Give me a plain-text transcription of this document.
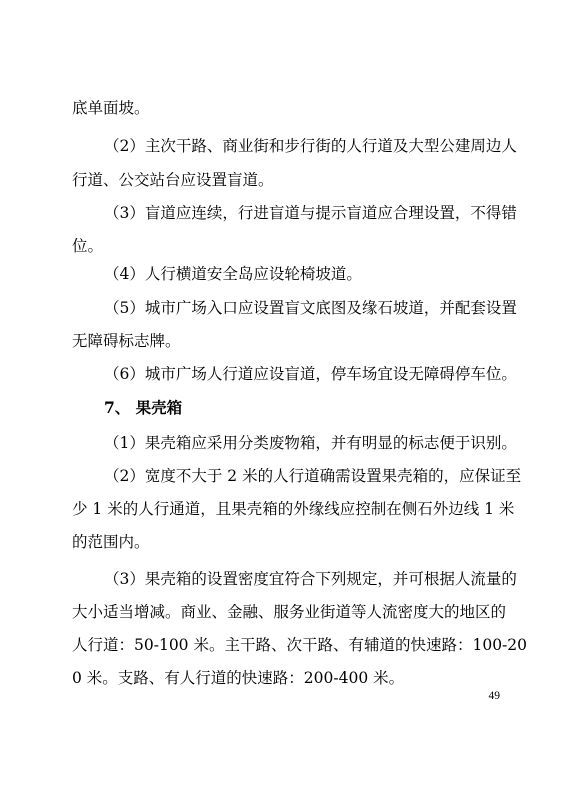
底单面坡。

（2）主次干路、商业街和步行街的人行道及大型公建周边人

行道、公交站台应设置盲道。

（3）盲道应连续，行进盲道与提示盲道应合理设置，不得错

位。

（4）人行横道安全岛应设轮椅坡道。

（5）城市广场入口应设置盲文底图及缘石坡道，并配套设置

无障碍标志牌。

（6）城市广场人行道应设盲道，停车场宜设无障碍停车位。

7、 果壳箱

（1）果壳箱应采用分类废物箱，并有明显的标志便于识别。

（2）宽度不大于 2 米的人行道确需设置果壳箱的，应保证至

少 1 米的人行通道，且果壳箱的外缘线应控制在侧石外边线 1 米

的范围内。

（3）果壳箱的设置密度宜符合下列规定，并可根据人流量的

大小适当增减。商业、金融、服务业街道等人流密度大的地区的

人行道：50-100 米。主干路、次干路、有辅道的快速路：100-20

0 米。支路、有人行道的快速路：200-400 米。

49
